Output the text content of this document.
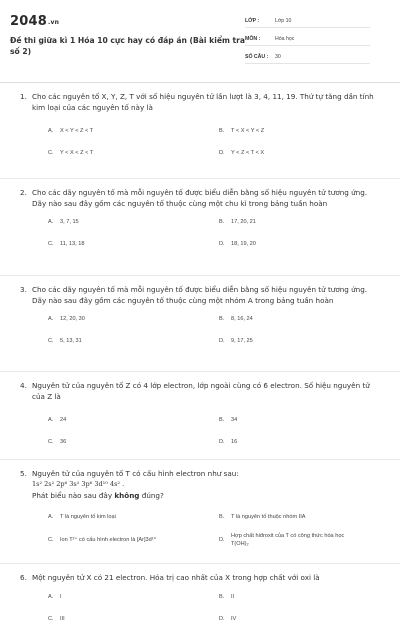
2048.vn
Đề thi giữa kì 1 Hóa 10 cực hay có đáp án (Bài kiểm tra số 2)
LỚP :	Lớp 10
MÔN :	Hóa học
SỐ CÂU :	30
1. Cho các nguyên tố X, Y, Z, T với số hiệu nguyên tử lần lượt là 3, 4, 11, 19. Thứ tự tăng dần tính kim loại của các nguyên tố này là
A.	X < Y < Z < T	B.	T < X < Y < Z
C.	Y < X < Z < T	D.	Y < Z < T < X
2. Cho các dãy nguyên tố mà mỗi nguyên tố được biểu diễn bằng số hiệu nguyên tử tương ứng. Dãy nào sau đây gồm các nguyên tố thuộc cùng một chu kì trong bảng tuần hoàn
A.	3, 7, 15	B.	17, 20, 21
C.	11, 13, 18	D.	18, 19, 20
3. Cho các dãy nguyên tố mà mỗi nguyên tố được biểu diễn bằng số hiệu nguyên tử tương ứng. Dãy nào sau đây gồm các nguyên tố thuộc cùng một nhóm A trong bảng tuần hoàn
A.	12, 20, 30	B.	8, 16, 24
C.	5, 13, 31	D.	9, 17, 25
4. Nguyên tử của nguyên tố Z có 4 lớp electron, lớp ngoài cùng có 6 electron. Số hiệu nguyên tử của Z là
A.	24	B.	34
C.	36	D.	16
5. Nguyên tử của nguyên tố T có cấu hình electron như sau:
1s² 2s² 2p⁶ 3s² 3p⁶ 3d¹⁰ 4s² .
Phát biểu nào sau đây không đúng?
A.	T là nguyên tố kim loại	B.	T là nguyên tố thuộc nhóm IIA
C.	Ion T²⁺ có cấu hình electron là [Ar]3d¹⁰	D.
Hợp chất hiđroxit của T có công thức hóa học T(OH)₂
6. Một nguyên tử X có 21 electron. Hóa trị cao nhất của X trong hợp chất với oxi là
A.	I	B.	II
C.	III	D.	IV
